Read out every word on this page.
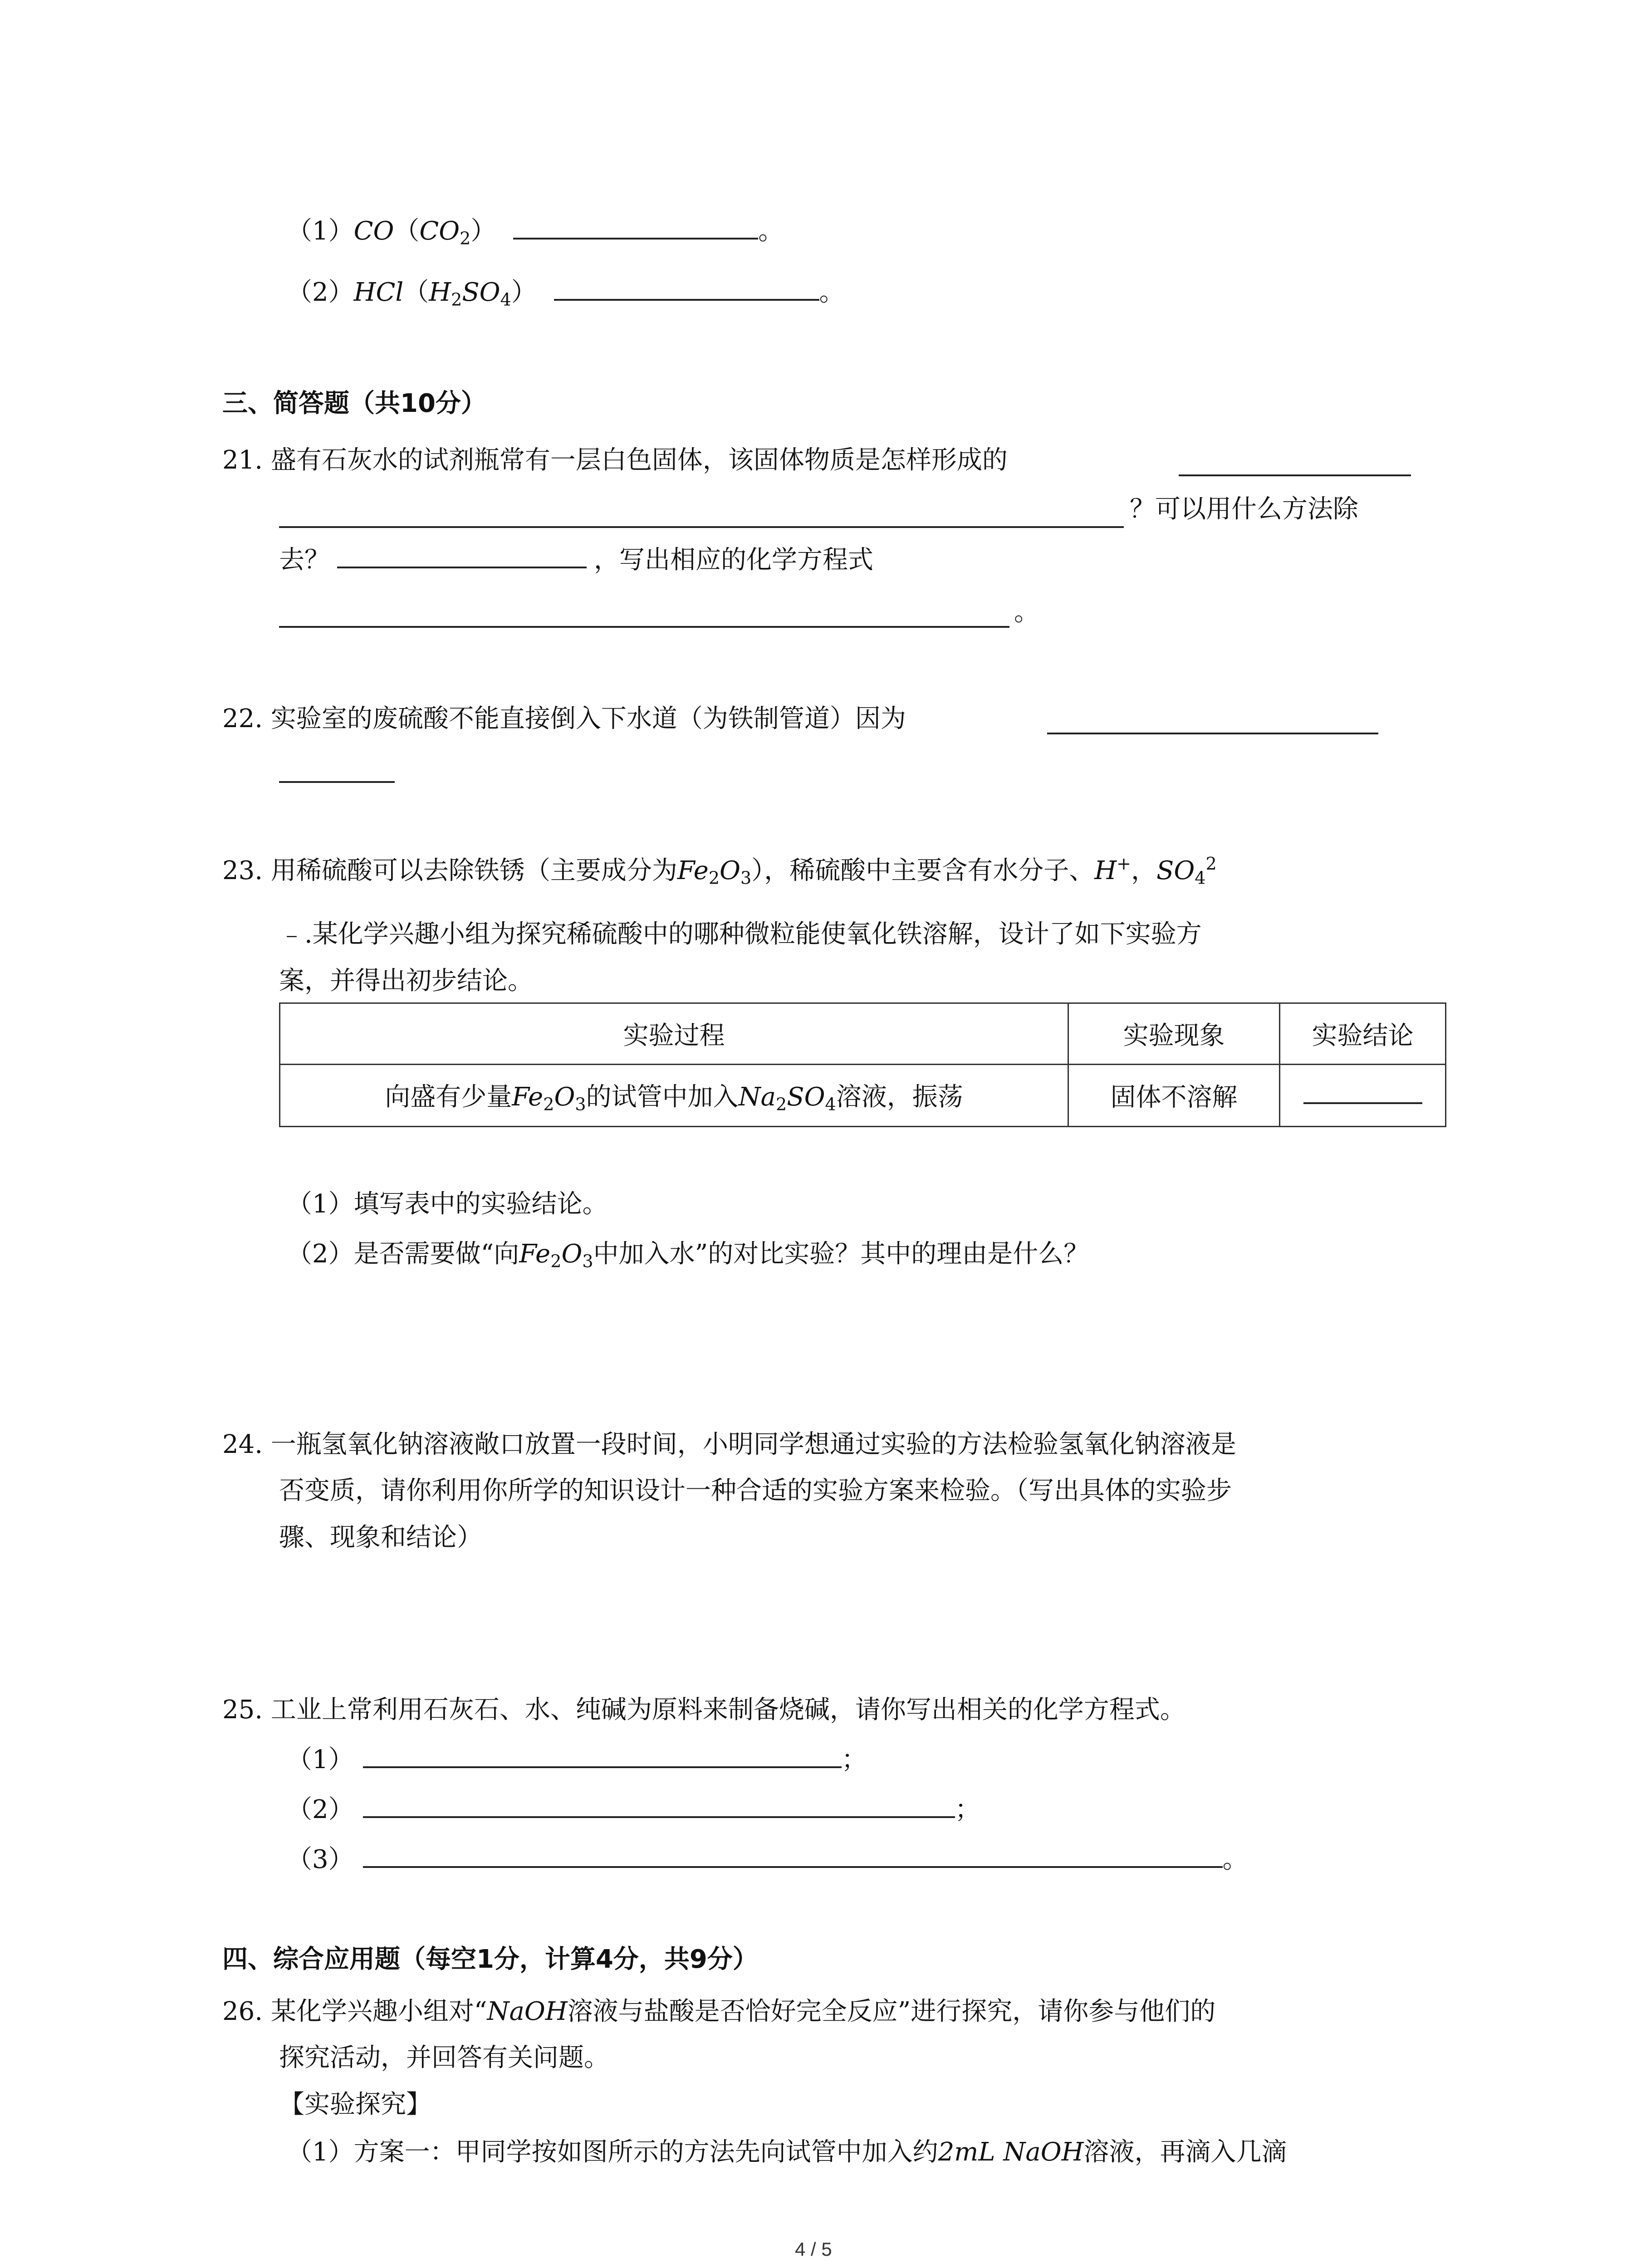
$(1)CO(CO_2)$	。
$(2)HCl(H_2SO_4)$	。
三、简答题（共10分）
21. 盛有石灰水的试剂瓶常有一层白色固体，该固体物质是怎样形成的
？可以用什么方法除
去？	，写出相应的化学方程式
。
22. 实验室的废硫酸不能直接倒入下水道（为铁制管道）因为
23. 用稀硫酸可以去除铁锈（主要成分为$Fe_2O_3$），稀硫酸中主要含有水分子、H+，$SO_4^2$
﹣.某化学兴趣小组为探究稀硫酸中的哪种微粒能使氧化铁溶解，设计了如下实验方
案，并得出初步结论。
实验过程	实验现象	实验结论
向盛有少量$Fe_2O_3$的试管中加入$Na_2SO_4$溶液，振荡	固体不溶解	
（1）填写表中的实验结论。
（2）是否需要做“向$Fe_2O_3$中加入水”的对比实验？其中的理由是什么？
24. 一瓶氢氧化钠溶液敞口放置一段时间，小明同学想通过实验的方法检验氢氧化钠溶液是
否变质，请你利用你所学的知识设计一种合适的实验方案来检验。（写出具体的实验步
骤、现象和结论）
25. 工业上常利用石灰石、水、纯碱为原料来制备烧碱，请你写出相关的化学方程式。
（1）	；
（2）	；
（3）	。
四、综合应用题（每空1分，计算4分，共9分）
26. 某化学兴趣小组对“NaOH溶液与盐酸是否恰好完全反应”进行探究，请你参与他们的
探究活动，并回答有关问题。
【实验探究】
（1）方案一：甲同学按如图所示的方法先向试管中加入约2mL NaOH溶液，再滴入几滴
4 / 5
